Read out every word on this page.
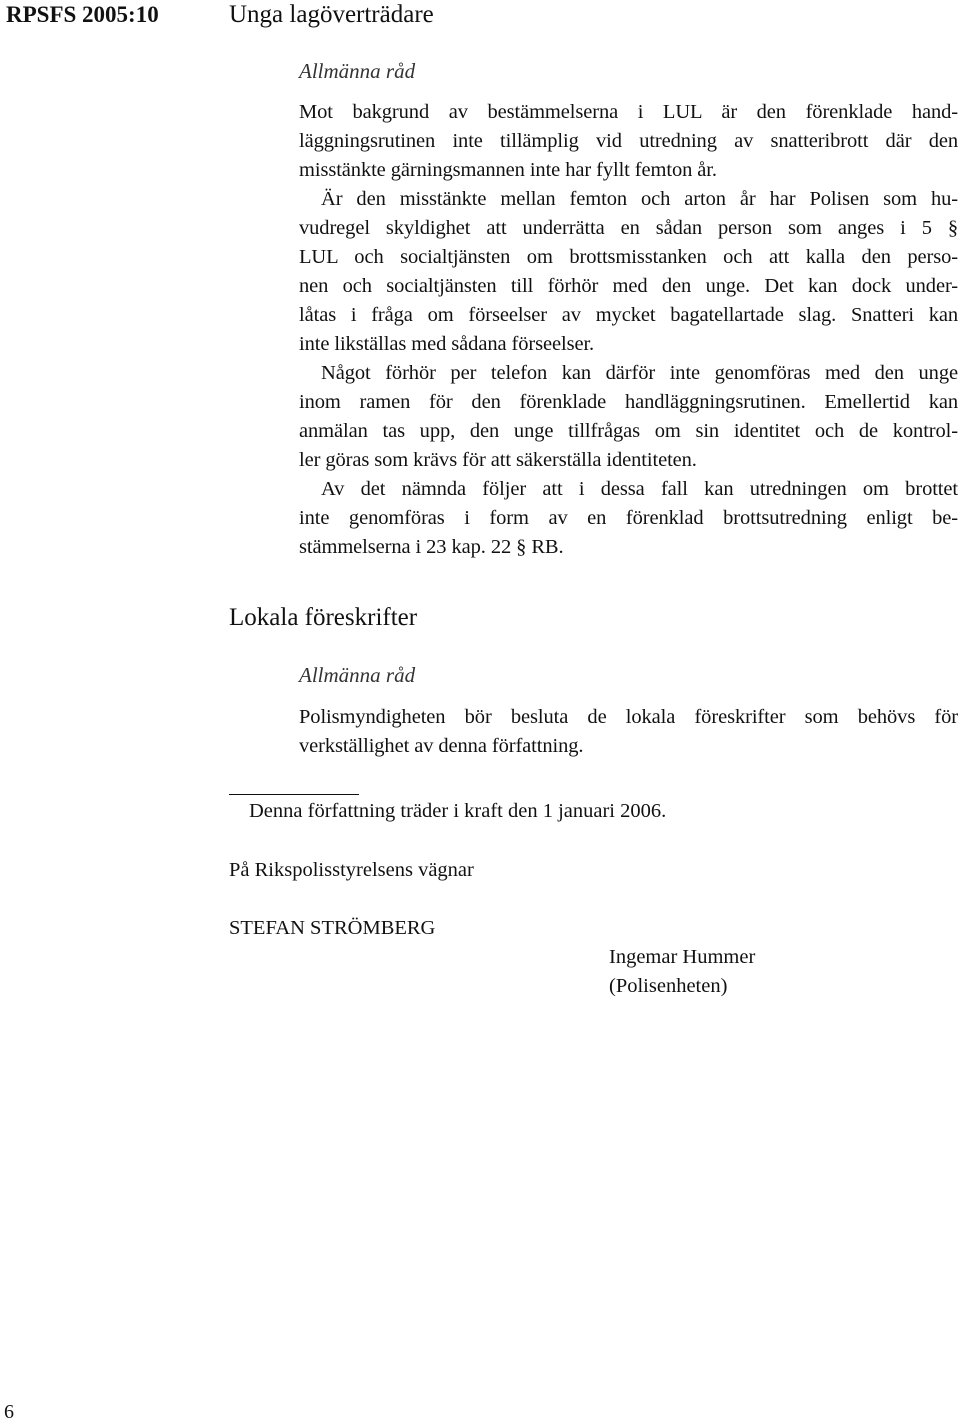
RPSFS 2005:10	Unga lagöverträdare
Allmänna råd
Mot bakgrund av bestämmelserna i LUL är den förenklade hand-
läggningsrutinen inte tillämplig vid utredning av snatteribrott där den
misstänkte gärningsmannen inte har fyllt femton år.
Är den misstänkte mellan femton och arton år har Polisen som hu-
vudregel skyldighet att underrätta en sådan person som anges i 5 §
LUL och socialtjänsten om brottsmisstanken och att kalla den perso-
nen och socialtjänsten till förhör med den unge. Det kan dock under-
låtas i fråga om förseelser av mycket bagatellartade slag. Snatteri kan
inte likställas med sådana förseelser.
Något förhör per telefon kan därför inte genomföras med den unge
inom ramen för den förenklade handläggningsrutinen. Emellertid kan
anmälan tas upp, den unge tillfrågas om sin identitet och de kontrol-
ler göras som krävs för att säkerställa identiteten.
Av det nämnda följer att i dessa fall kan utredningen om brottet
inte genomföras i form av en förenklad brottsutredning enligt be-
stämmelserna i 23 kap. 22 § RB.
Lokala föreskrifter
Allmänna råd
Polismyndigheten bör besluta de lokala föreskrifter som behövs för
verkställighet av denna författning.
Denna författning träder i kraft den 1 januari 2006.
På Rikspolisstyrelsens vägnar
STEFAN STRÖMBERG
Ingemar Hummer
(Polisenheten)
6
